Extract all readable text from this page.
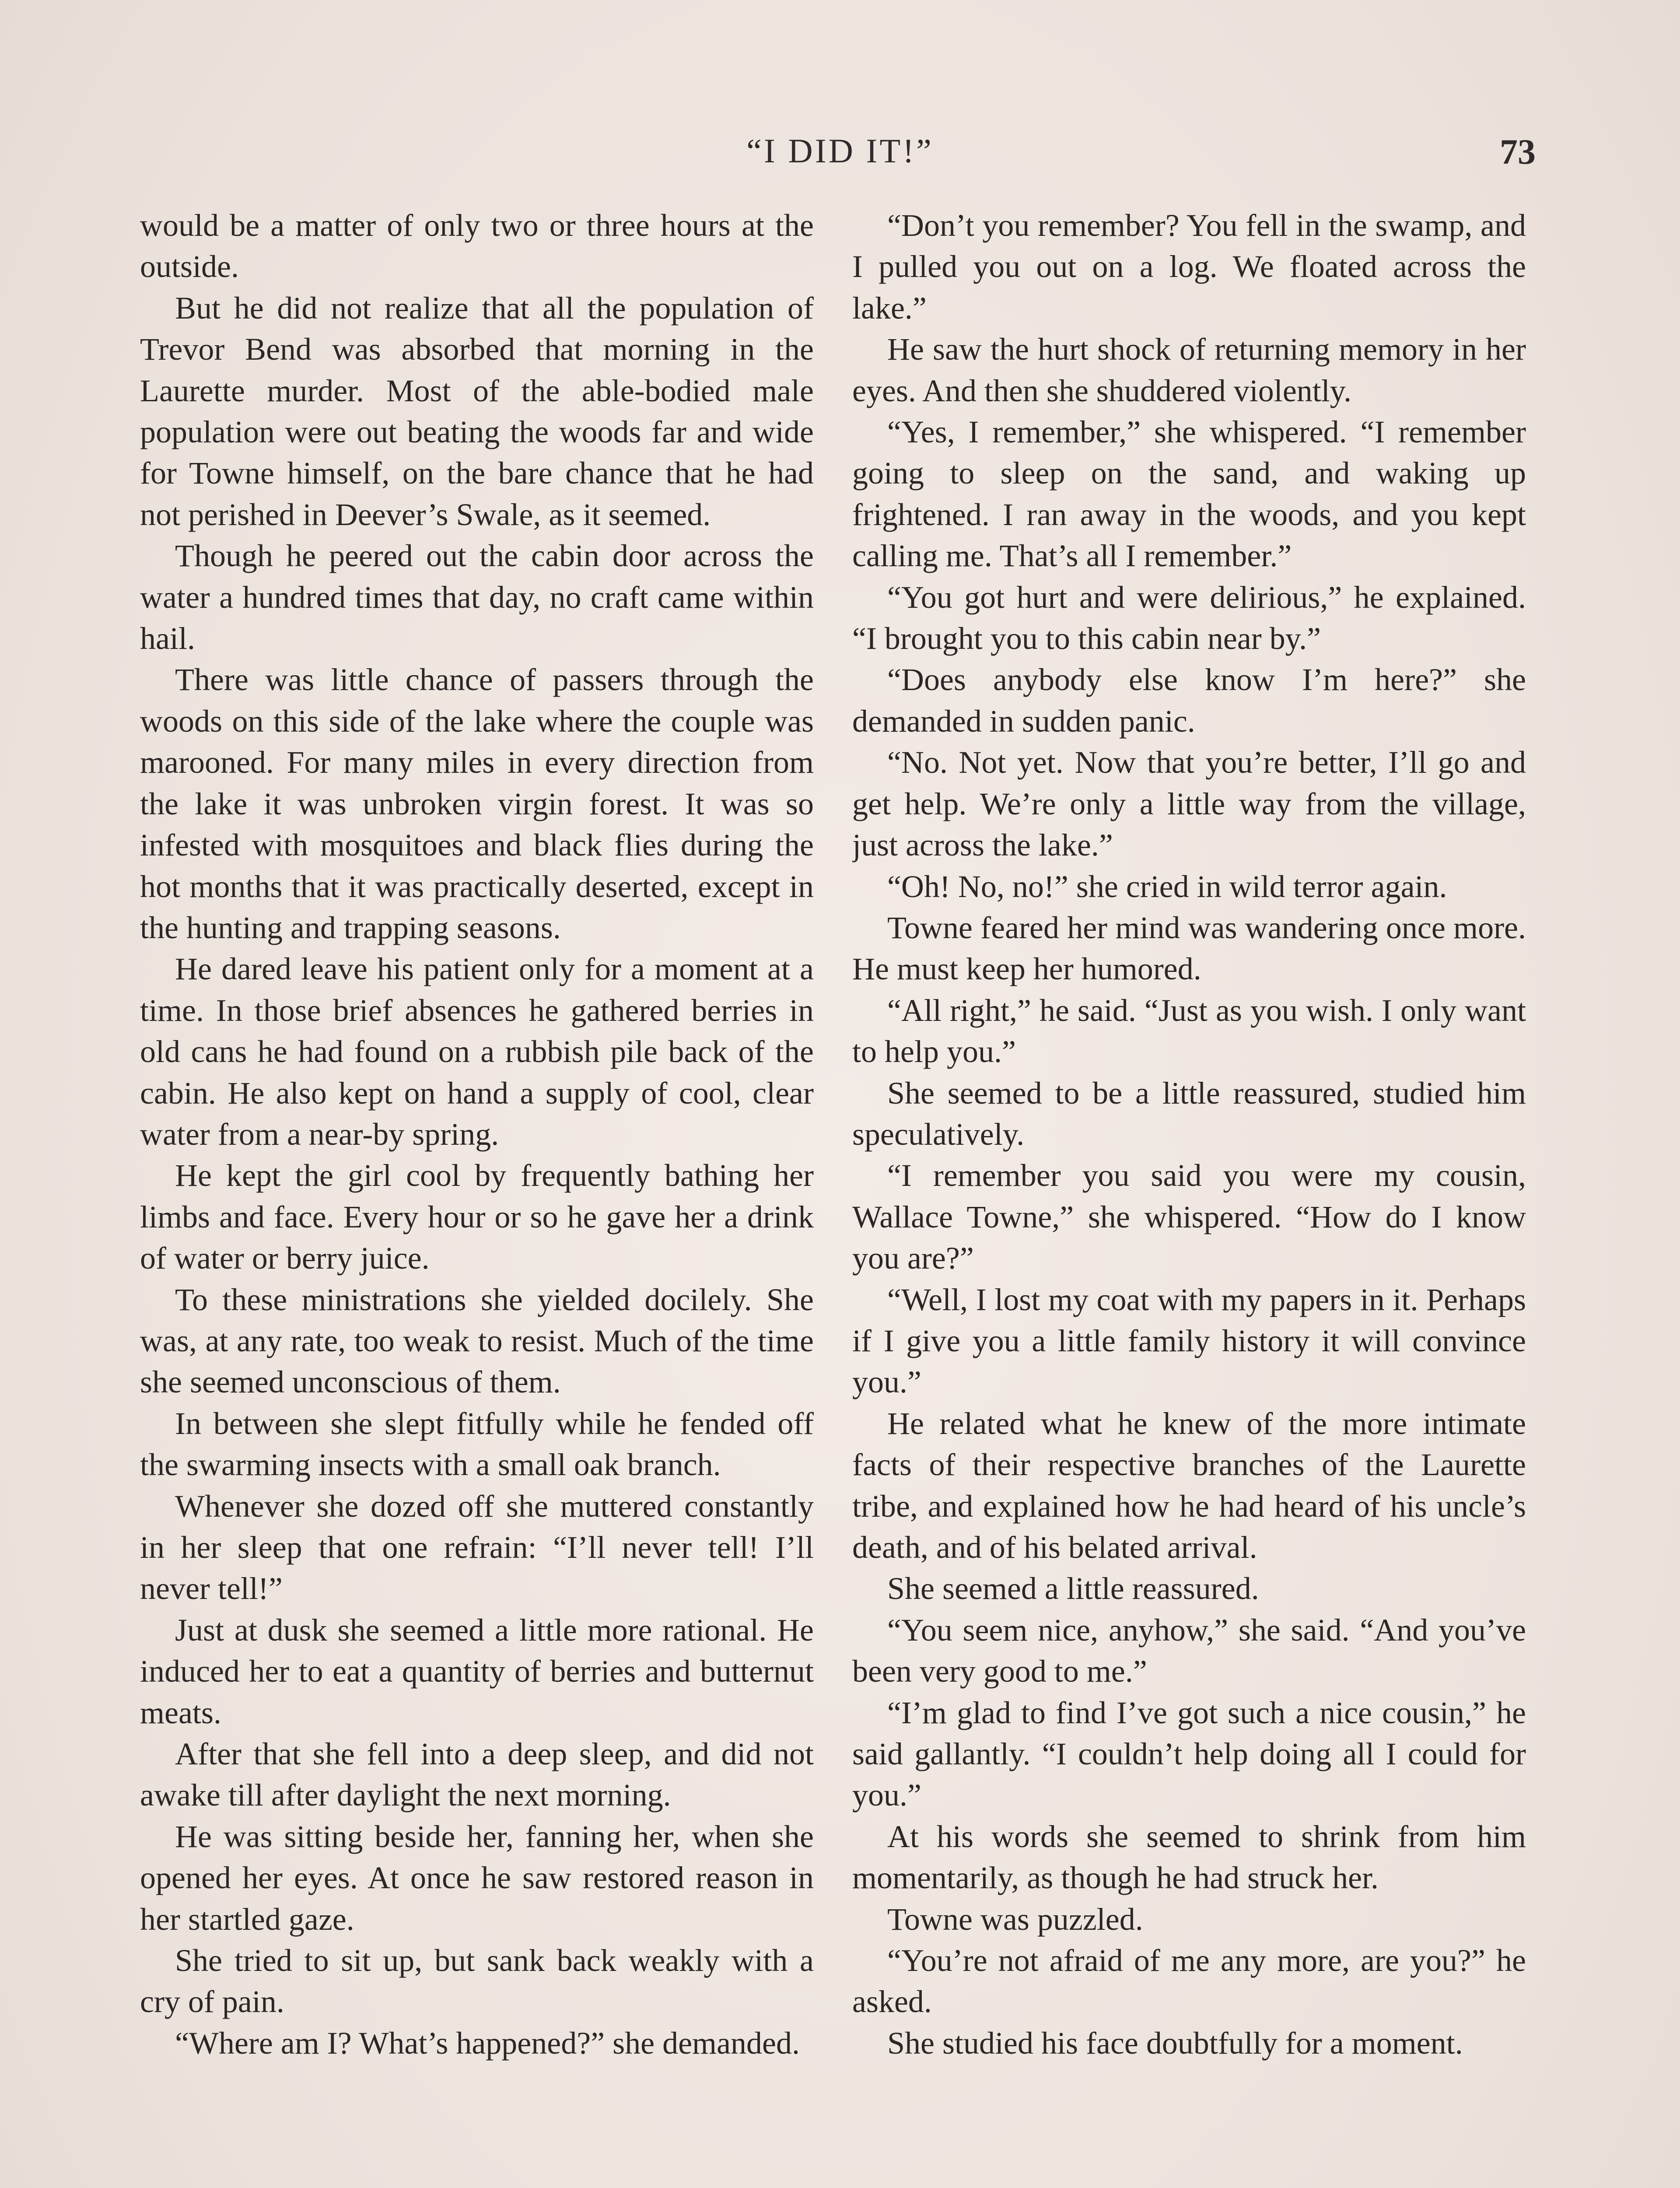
“I DID IT!”	73

would be a matter of only two or three hours at the outside.

But he did not realize that all the population of Trevor Bend was absorbed that morning in the Laurette murder. Most of the able-bodied male population were out beating the woods far and wide for Towne himself, on the bare chance that he had not perished in Deever’s Swale, as it seemed.

Though he peered out the cabin door across the water a hundred times that day, no craft came within hail.

There was little chance of passers through the woods on this side of the lake where the couple was marooned. For many miles in every direction from the lake it was unbroken virgin forest. It was so infested with mosquitoes and black flies during the hot months that it was practically deserted, except in the hunting and trapping seasons.

He dared leave his patient only for a moment at a time. In those brief absences he gathered berries in old cans he had found on a rubbish pile back of the cabin. He also kept on hand a supply of cool, clear water from a near-by spring.

He kept the girl cool by frequently bathing her limbs and face. Every hour or so he gave her a drink of water or berry juice.

To these ministrations she yielded docilely. She was, at any rate, too weak to resist. Much of the time she seemed unconscious of them.

In between she slept fitfully while he fended off the swarming insects with a small oak branch.

Whenever she dozed off she muttered constantly in her sleep that one refrain: “I’ll never tell! I’ll never tell!”

Just at dusk she seemed a little more rational. He induced her to eat a quantity of berries and butternut meats.

After that she fell into a deep sleep, and did not awake till after daylight the next morning.

He was sitting beside her, fanning her, when she opened her eyes. At once he saw restored reason in her startled gaze.

She tried to sit up, but sank back weakly with a cry of pain.

“Where am I? What’s happened?” she demanded.

“Don’t you remember? You fell in the swamp, and I pulled you out on a log. We floated across the lake.”

He saw the hurt shock of returning memory in her eyes. And then she shuddered violently.

“Yes, I remember,” she whispered. “I remember going to sleep on the sand, and waking up frightened. I ran away in the woods, and you kept calling me. That’s all I remember.”

“You got hurt and were delirious,” he explained. “I brought you to this cabin near by.”

“Does anybody else know I’m here?” she demanded in sudden panic.

“No. Not yet. Now that you’re better, I’ll go and get help. We’re only a little way from the village, just across the lake.”

“Oh! No, no!” she cried in wild terror again.

Towne feared her mind was wandering once more. He must keep her humored.

“All right,” he said. “Just as you wish. I only want to help you.”

She seemed to be a little reassured, studied him speculatively.

“I remember you said you were my cousin, Wallace Towne,” she whispered. “How do I know you are?”

“Well, I lost my coat with my papers in it. Perhaps if I give you a little family history it will convince you.”

He related what he knew of the more intimate facts of their respective branches of the Laurette tribe, and explained how he had heard of his uncle’s death, and of his belated arrival.

She seemed a little reassured.

“You seem nice, anyhow,” she said. “And you’ve been very good to me.”

“I’m glad to find I’ve got such a nice cousin,” he said gallantly. “I couldn’t help doing all I could for you.”

At his words she seemed to shrink from him momentarily, as though he had struck her.

Towne was puzzled.

“You’re not afraid of me any more, are you?” he asked.

She studied his face doubtfully for a moment.
